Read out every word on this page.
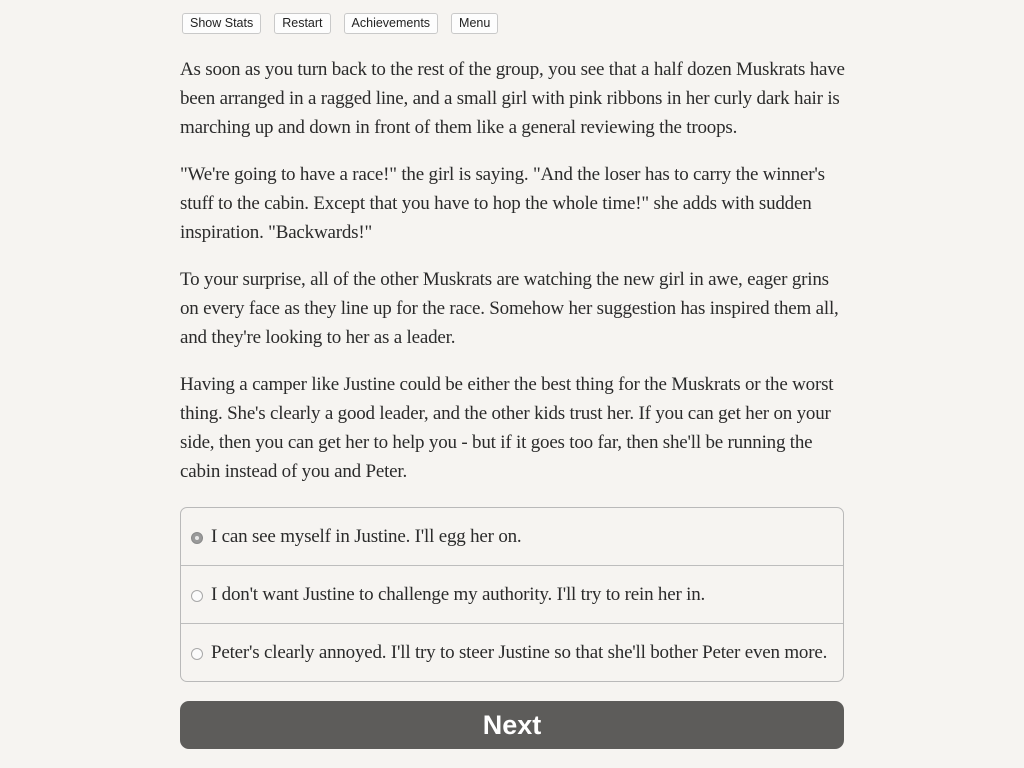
Show Stats	Restart	Achievements	Menu

As soon as you turn back to the rest of the group, you see that a half dozen Muskrats have been arranged in a ragged line, and a small girl with pink ribbons in her curly dark hair is marching up and down in front of them like a general reviewing the troops.

"We're going to have a race!" the girl is saying. "And the loser has to carry the winner's stuff to the cabin. Except that you have to hop the whole time!" she adds with sudden inspiration. "Backwards!"

To your surprise, all of the other Muskrats are watching the new girl in awe, eager grins on every face as they line up for the race. Somehow her suggestion has inspired them all, and they're looking to her as a leader.

Having a camper like Justine could be either the best thing for the Muskrats or the worst thing. She's clearly a good leader, and the other kids trust her. If you can get her on your side, then you can get her to help you - but if it goes too far, then she'll be running the cabin instead of you and Peter.

I can see myself in Justine. I'll egg her on.
I don't want Justine to challenge my authority. I'll try to rein her in.
Peter's clearly annoyed. I'll try to steer Justine so that she'll bother Peter even more.
Next
